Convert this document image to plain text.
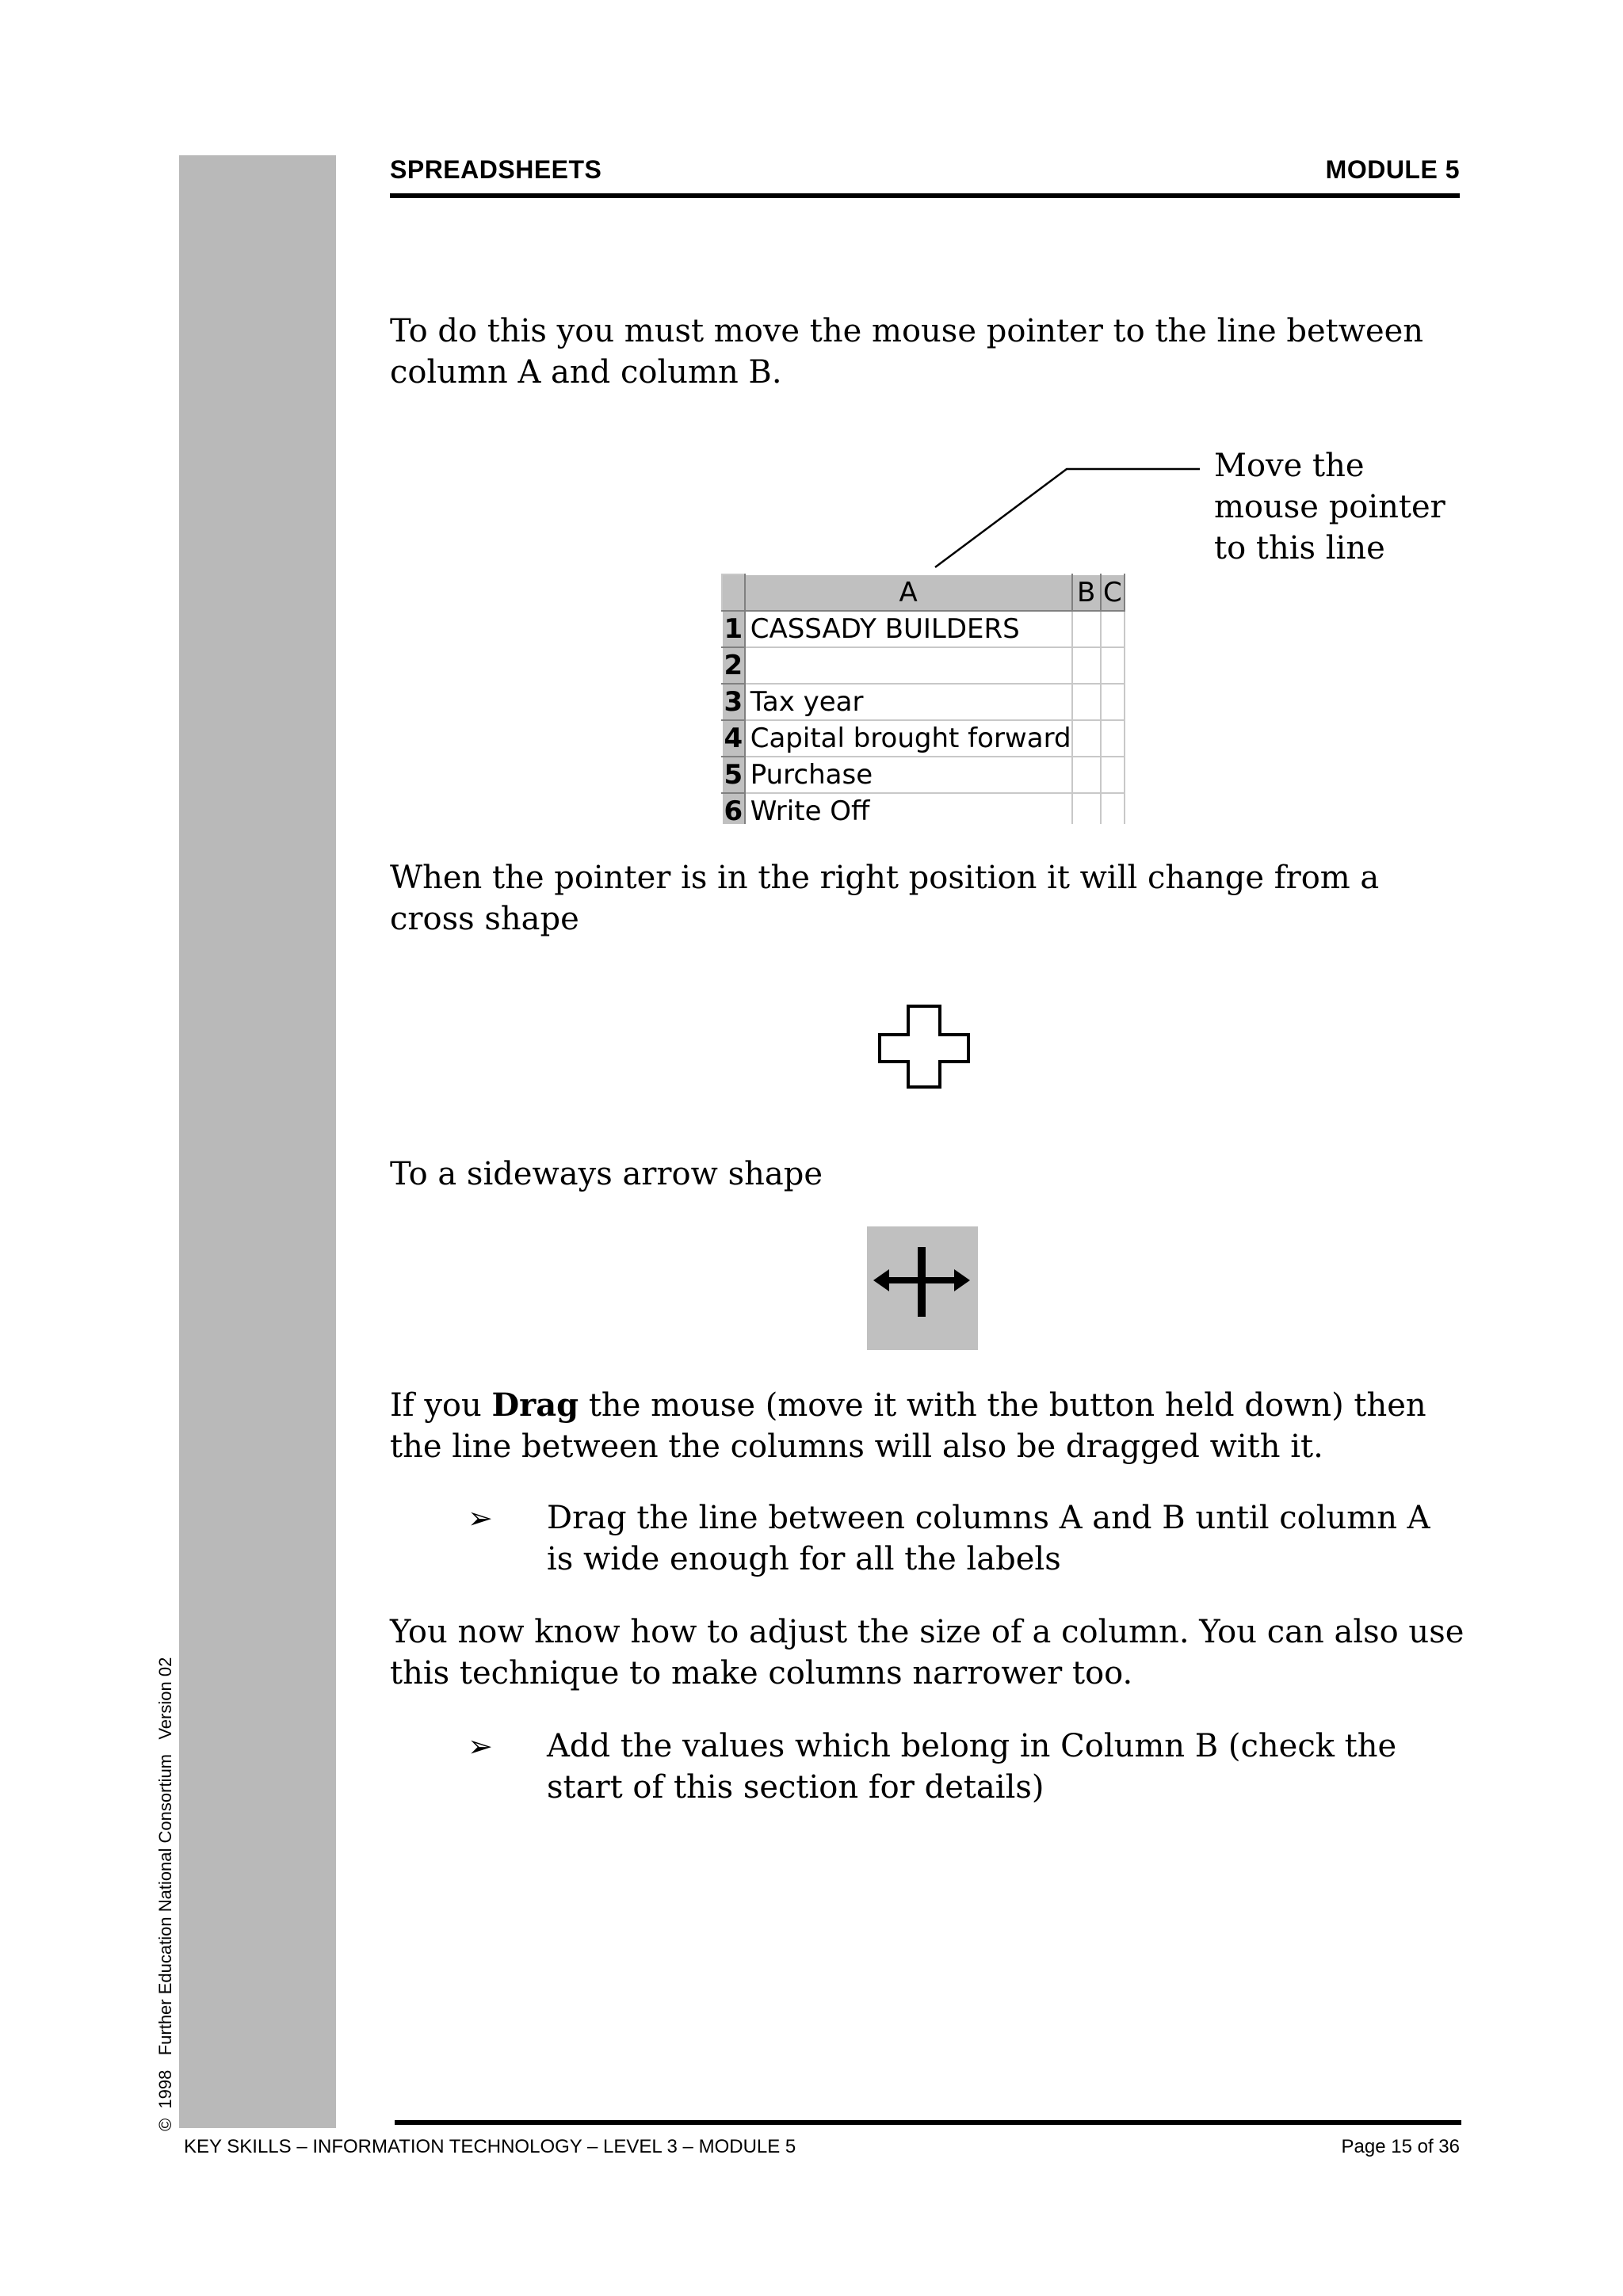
©  1998   Further Education National Consortium   Version 02
SPREADSHEETS	MODULE 5
To do this you must move the mouse pointer to the line between column A and column B.
Move the mouse pointer to this line
	A	B	C
1	CASSADY BUILDERS		
2			
3	Tax year		
4	Capital brought forward		
5	Purchase		
6	Write Off		
When the pointer is in the right position it will change from a cross shape
To a sideways arrow shape
If you Drag the mouse (move it with the button held down) then the line between the columns will also be dragged with it.
➢ Drag the line between columns A and B until column A is wide enough for all the labels
You now know how to adjust the size of a column. You can also use this technique to make columns narrower too.
➢ Add the values which belong in Column B (check the start of this section for details)
KEY SKILLS – INFORMATION TECHNOLOGY – LEVEL 3 – MODULE 5	Page 15 of 36
